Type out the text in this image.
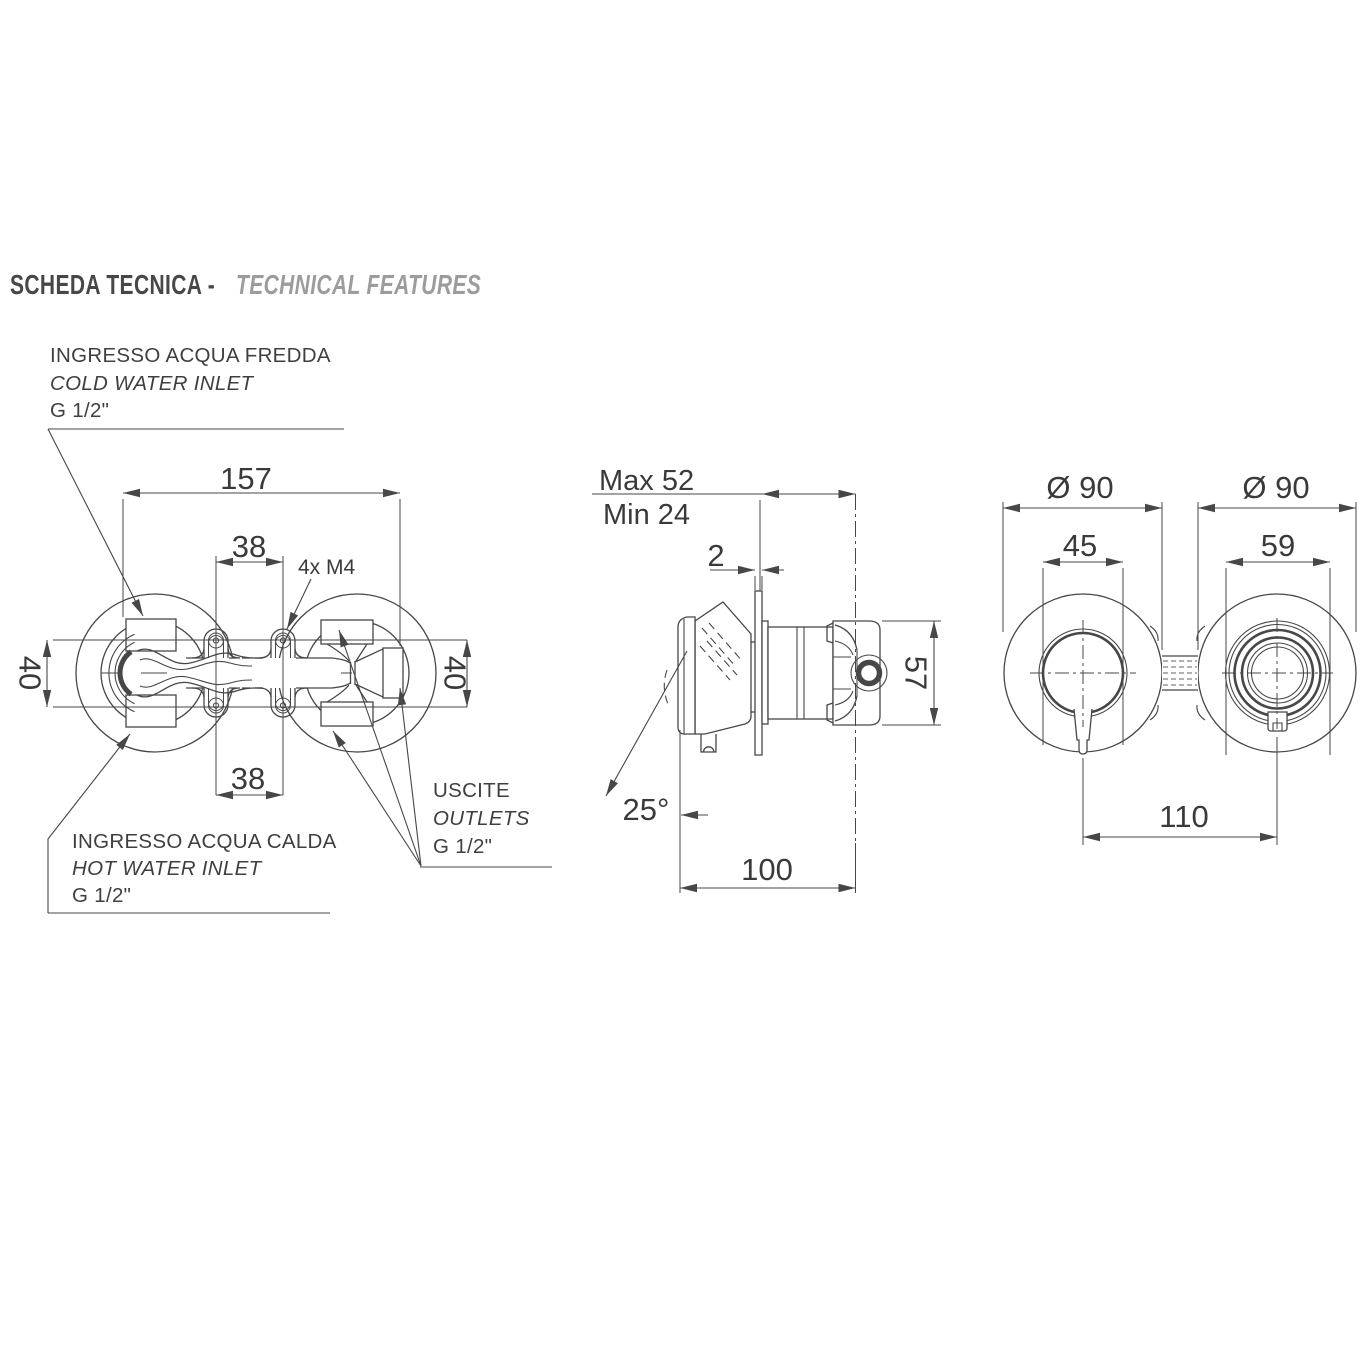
SCHEDA TECNICA - TECHNICAL FEATURES
INGRESSO ACQUA FREDDA
COLD WATER INLET
G 1/2"
INGRESSO ACQUA CALDA
HOT WATER INLET
G 1/2"
USCITE
OUTLETS
G 1/2"
4x M4
157
38
38
40	40
Max 52
Min 24
2
57
25°
100
Ø 90	Ø 90
45	59
110
